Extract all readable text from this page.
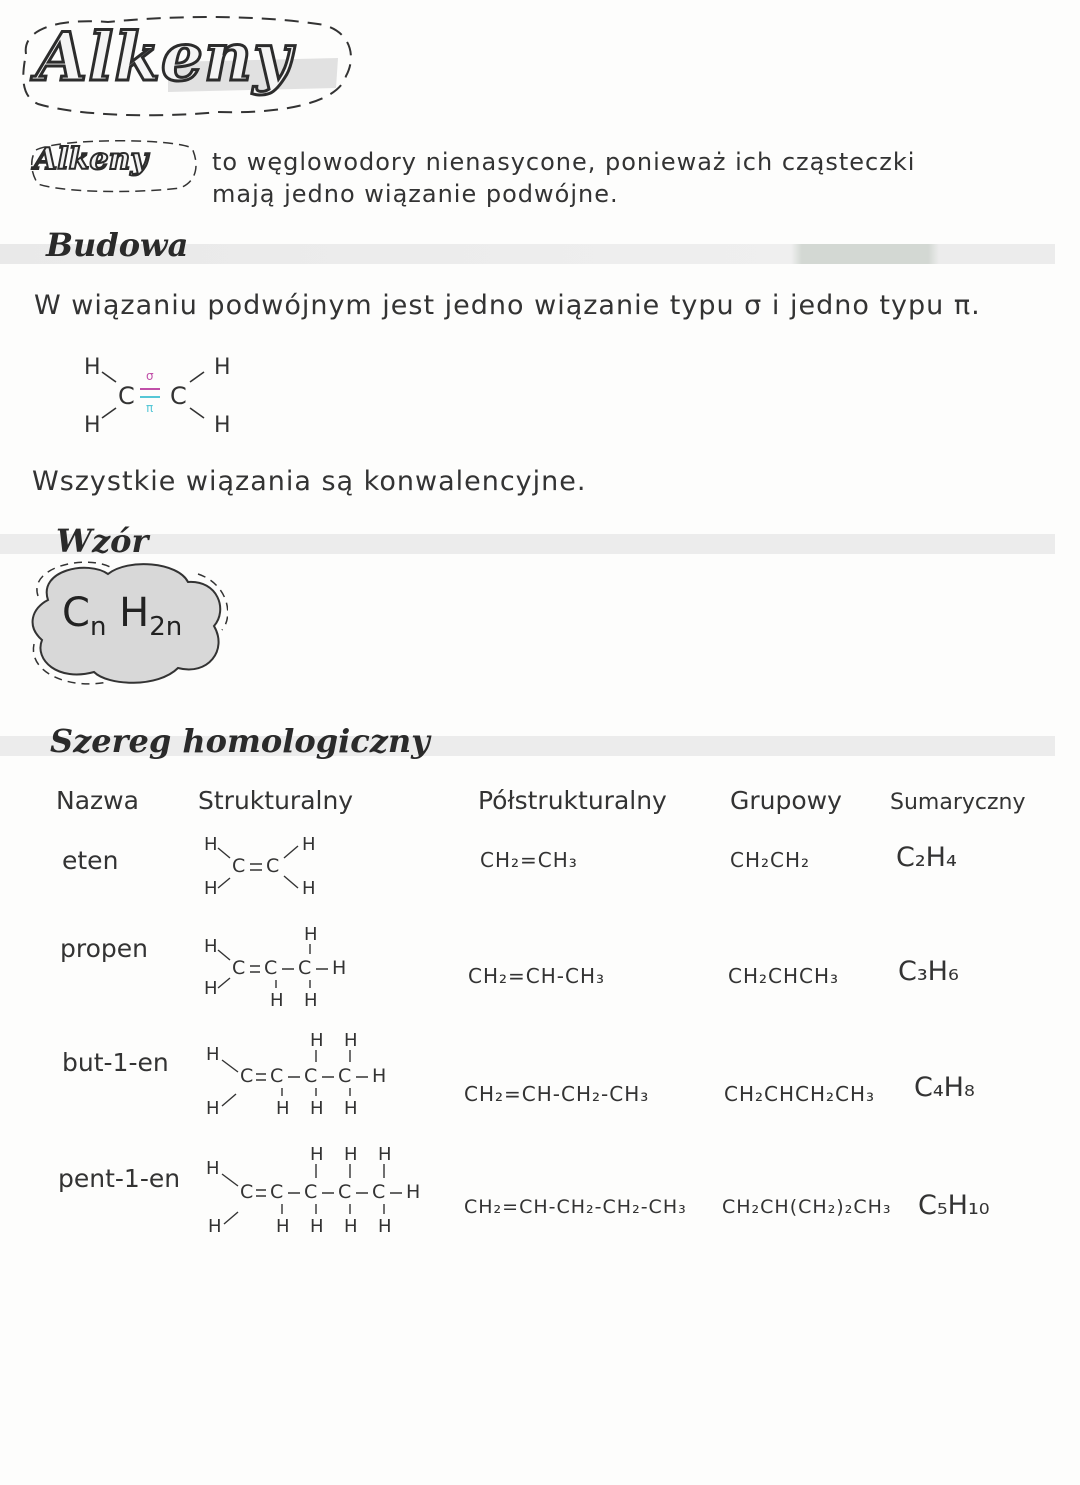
Alkeny
Alkeny	to węglowodory nienasycone, ponieważ ich cząsteczki
mają jedno wiązanie podwójne.
Budowa
W wiązaniu podwójnym jest jedno wiązanie typu σ i jedno typu π.
H
H
C C
H
H
σ
π
Wszystkie wiązania są konwalencyjne.
Wzór
$C_n$ $H_{2n}$
Szereg homologiczny
Nazwa Strukturalny	Półstrukturalny	Grupowy Sumaryczny
eten
H
H
C C
H
H
CH₂=CH₃	CH₂CH₂	C₂H₄
propen	H
H
C C C H
H
H H
CH₂=CH-CH₃	CH₂CHCH₃ C₃H₆
but-1-en H
H
C C C C H
H H
H H H
CH₂=CH-CH₂-CH₃	CH₂CHCH₂CH₃ C₄H₈
pent-1-en H
H
C C C C C H
H H H
H H H H
CH₂=CH-CH₂-CH₂-CH₃ CH₂CH(CH₂)₂CH₃ C₅H₁₀
